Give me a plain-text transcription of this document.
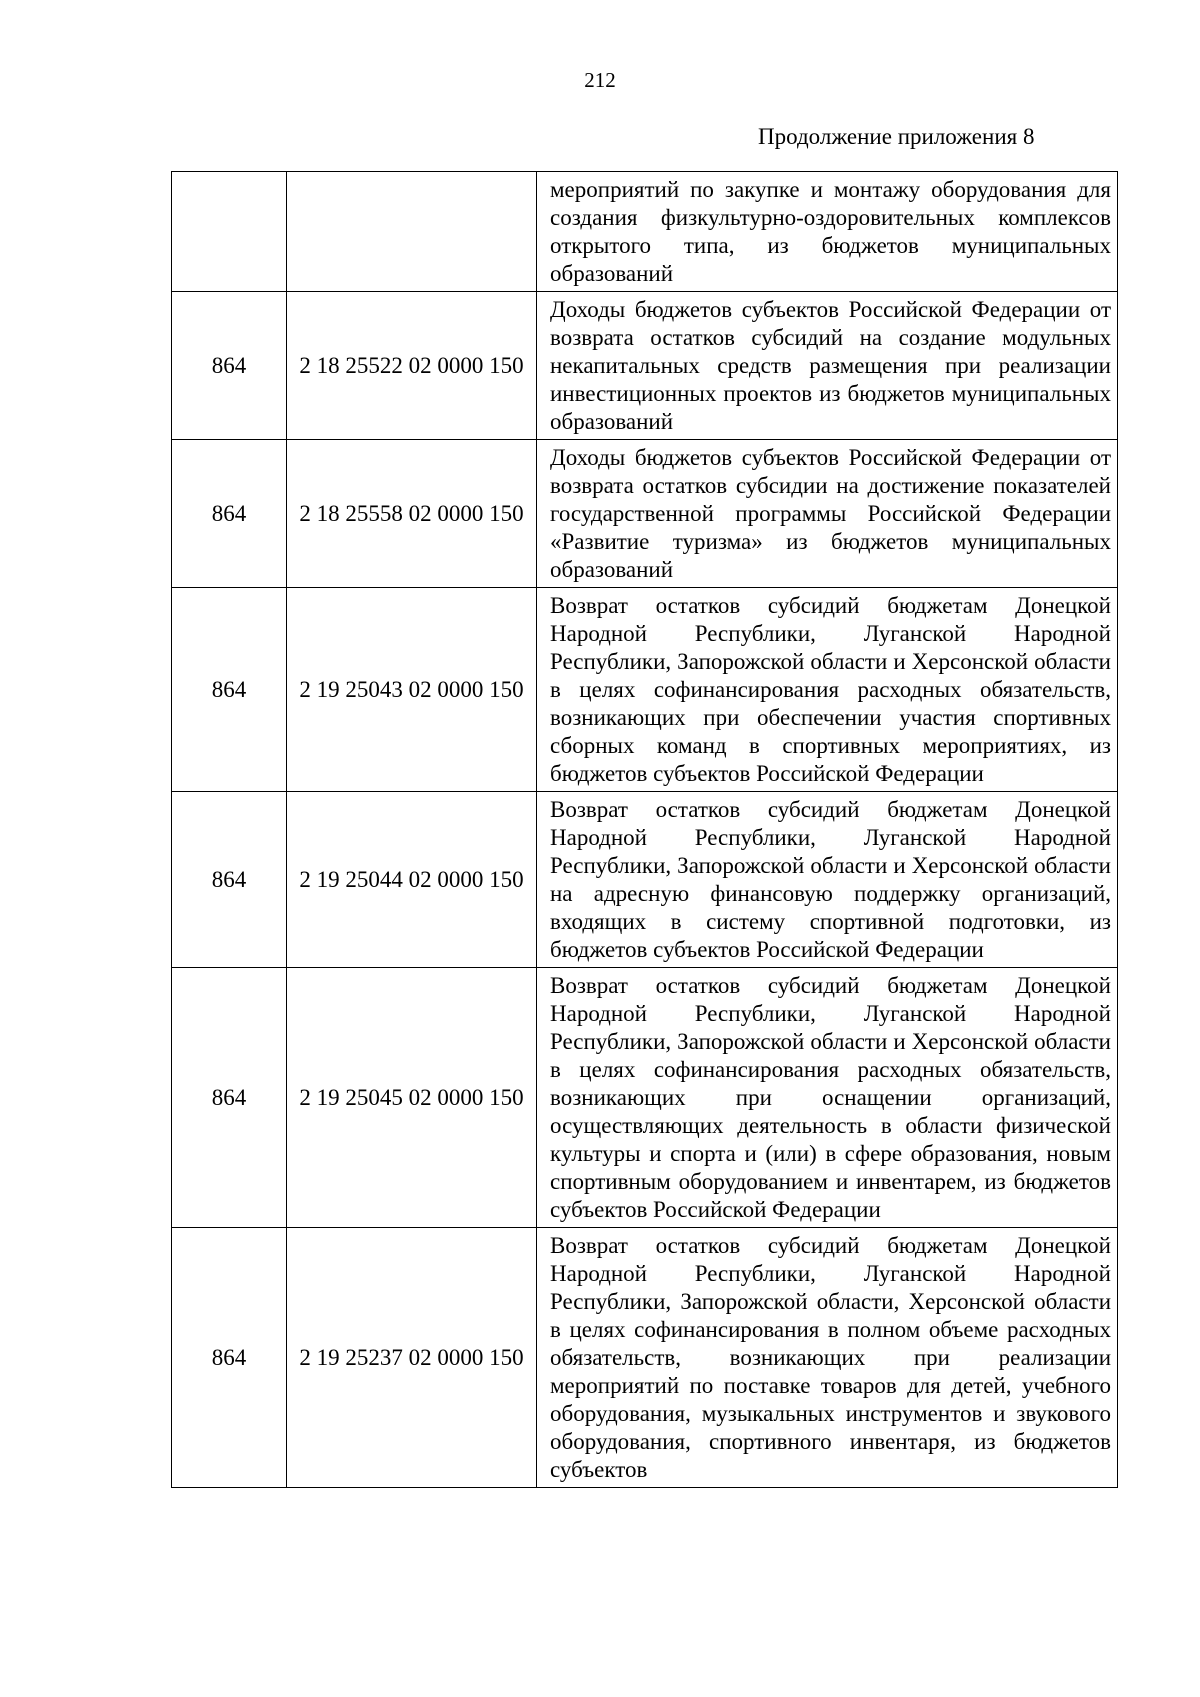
212
Продолжение приложения 8
		мероприятий по закупке и монтажу оборудования для создания физкультурно-оздоровительных комплексов открытого типа, из бюджетов муниципальных образований
864	2 18 25522 02 0000 150	Доходы бюджетов субъектов Российской Федерации от возврата остатков субсидий на создание модульных некапитальных средств размещения при реализации инвестиционных проектов из бюджетов муниципальных образований
864	2 18 25558 02 0000 150	Доходы бюджетов субъектов Российской Федерации от возврата остатков субсидии на достижение показателей государственной программы Российской Федерации «Развитие туризма» из бюджетов муниципальных образований
864	2 19 25043 02 0000 150	Возврат остатков субсидий бюджетам Донецкой Народной Республики, Луганской Народной Республики, Запорожской области и Херсонской области в целях софинансирования расходных обязательств, возникающих при обеспечении участия спортивных сборных команд в спортивных мероприятиях, из бюджетов субъектов Российской Федерации
864	2 19 25044 02 0000 150	Возврат остатков субсидий бюджетам Донецкой Народной Республики, Луганской Народной Республики, Запорожской области и Херсонской области на адресную финансовую поддержку организаций, входящих в систему спортивной подготовки, из бюджетов субъектов Российской Федерации
864	2 19 25045 02 0000 150	Возврат остатков субсидий бюджетам Донецкой Народной Республики, Луганской Народной Республики, Запорожской области и Херсонской области в целях софинансирования расходных обязательств, возникающих при оснащении организаций, осуществляющих деятельность в области физической культуры и спорта и (или) в сфере образования, новым спортивным оборудованием и инвентарем, из бюджетов субъектов Российской Федерации
864	2 19 25237 02 0000 150	Возврат остатков субсидий бюджетам Донецкой Народной Республики, Луганской Народной Республики, Запорожской области, Херсонской области в целях софинансирования в полном объеме расходных обязательств, возникающих при реализации мероприятий по поставке товаров для детей, учебного оборудования, музыкальных инструментов и звукового оборудования, спортивного инвентаря, из бюджетов субъектов
